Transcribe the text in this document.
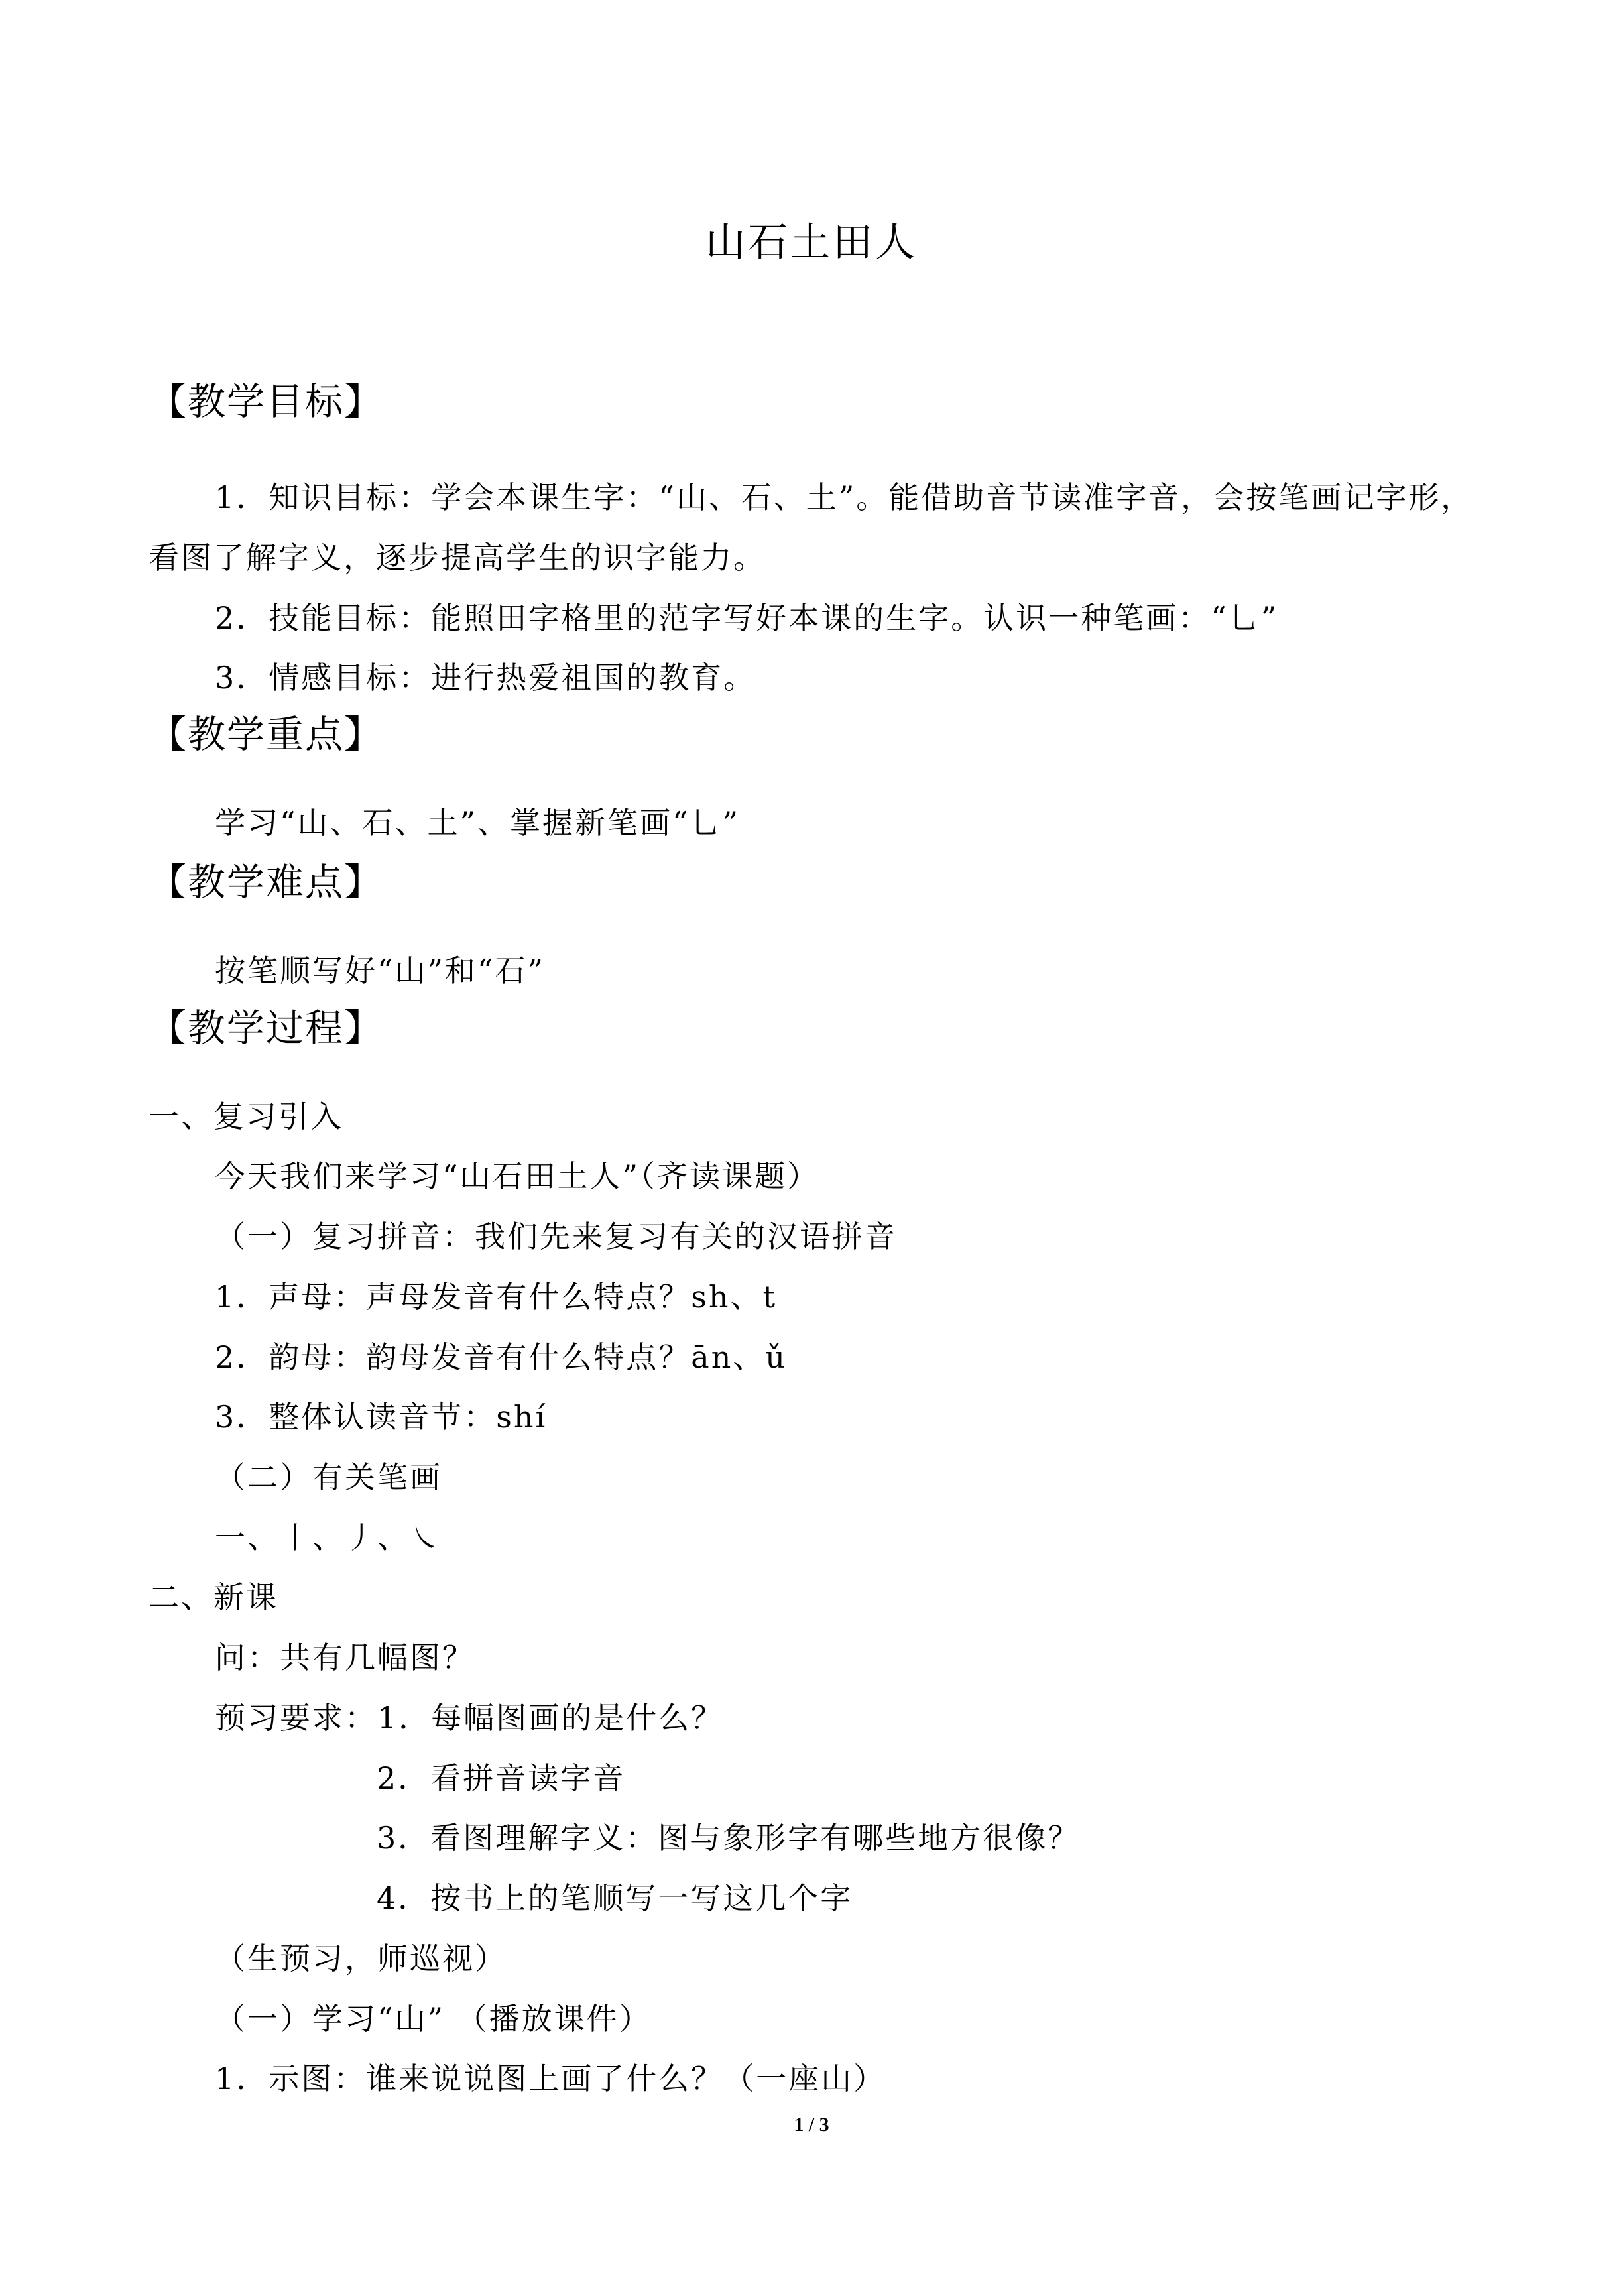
山石土田人
【教学目标】
1．知识目标：学会本课生字：“山、石、土”。能借助音节读准字音，会按笔画记字形，
看图了解字义，逐步提高学生的识字能力。
2．技能目标：能照田字格里的范字写好本课的生字。认识一种笔画：“乚”
3．情感目标：进行热爱祖国的教育。
【教学重点】
学习“山、石、土”、掌握新笔画“乚”
【教学难点】
按笔顺写好“山”和“石”
【教学过程】
一、复习引入
今天我们来学习“山石田土人”（齐读课题）
（一）复习拼音：我们先来复习有关的汉语拼音
1．声母：声母发音有什么特点？sh、t
2．韵母：韵母发音有什么特点？ān、ǔ
3．整体认读音节：shí
（二）有关笔画
一、丨、丿、㇏
二、新课
问：共有几幅图？
预习要求：1．每幅图画的是什么？
2．看拼音读字音
3．看图理解字义：图与象形字有哪些地方很像？
4．按书上的笔顺写一写这几个字
（生预习，师巡视）
（一）学习“山” （播放课件）
1．示图：谁来说说图上画了什么？（一座山）
1 / 3
